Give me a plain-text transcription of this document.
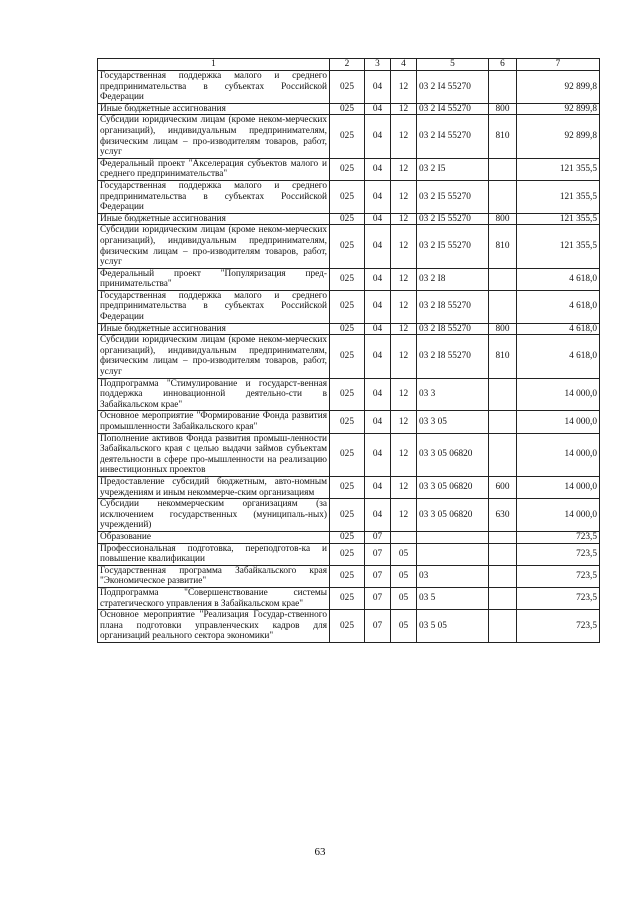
1	2	3	4	5	6	7
Государственная поддержка малого и среднего предпринимательства в субъектах Российской Федерации	025	04	12	03 2 I4 55270		92 899,8
Иные бюджетные ассигнования	025	04	12	03 2 I4 55270	800	92 899,8
Субсидии юридическим лицам (кроме неком-мерческих организаций), индивидуальным предпринимателям, физическим лицам – про-изводителям товаров, работ, услуг	025	04	12	03 2 I4 55270	810	92 899,8
Федеральный проект "Акселерация субъектов малого и среднего предпринимательства"	025	04	12	03 2 I5		121 355,5
Государственная поддержка малого и среднего предпринимательства в субъектах Российской Федерации	025	04	12	03 2 I5 55270		121 355,5
Иные бюджетные ассигнования	025	04	12	03 2 I5 55270	800	121 355,5
Субсидии юридическим лицам (кроме неком-мерческих организаций), индивидуальным предпринимателям, физическим лицам – про-изводителям товаров, работ, услуг	025	04	12	03 2 I5 55270	810	121 355,5
Федеральный проект "Популяризация пред-принимательства"	025	04	12	03 2 I8		4 618,0
Государственная поддержка малого и среднего предпринимательства в субъектах Российской Федерации	025	04	12	03 2 I8 55270		4 618,0
Иные бюджетные ассигнования	025	04	12	03 2 I8 55270	800	4 618,0
Субсидии юридическим лицам (кроме неком-мерческих организаций), индивидуальным предпринимателям, физическим лицам – про-изводителям товаров, работ, услуг	025	04	12	03 2 I8 55270	810	4 618,0
Подпрограмма "Стимулирование и государст-венная поддержка инновационной деятельно-сти в Забайкальском крае"	025	04	12	03 3		14 000,0
Основное мероприятие "Формирование Фонда развития промышленности Забайкальского края"	025	04	12	03 3 05		14 000,0
Пополнение активов Фонда развития промыш-ленности Забайкальского края с целью выдачи займов субъектам деятельности в сфере про-мышленности на реализацию инвестиционных проектов	025	04	12	03 3 05 06820		14 000,0
Предоставление субсидий бюджетным, авто-номным учреждениям и иным некоммерче-ским организациям	025	04	12	03 3 05 06820	600	14 000,0
Субсидии некоммерческим организациям (за исключением государственных (муниципаль-ных) учреждений)	025	04	12	03 3 05 06820	630	14 000,0
Образование	025	07				723,5
Профессиональная подготовка, переподготов-ка и повышение квалификации	025	07	05			723,5
Государственная программа Забайкальского края "Экономическое развитие"	025	07	05	03		723,5
Подпрограмма "Совершенствование системы стратегического управления в Забайкальском крае"	025	07	05	03 5		723,5
Основное мероприятие "Реализация Государ-ственного плана подготовки управленческих кадров для организаций реального сектора экономики"	025	07	05	03 5 05		723,5
63
